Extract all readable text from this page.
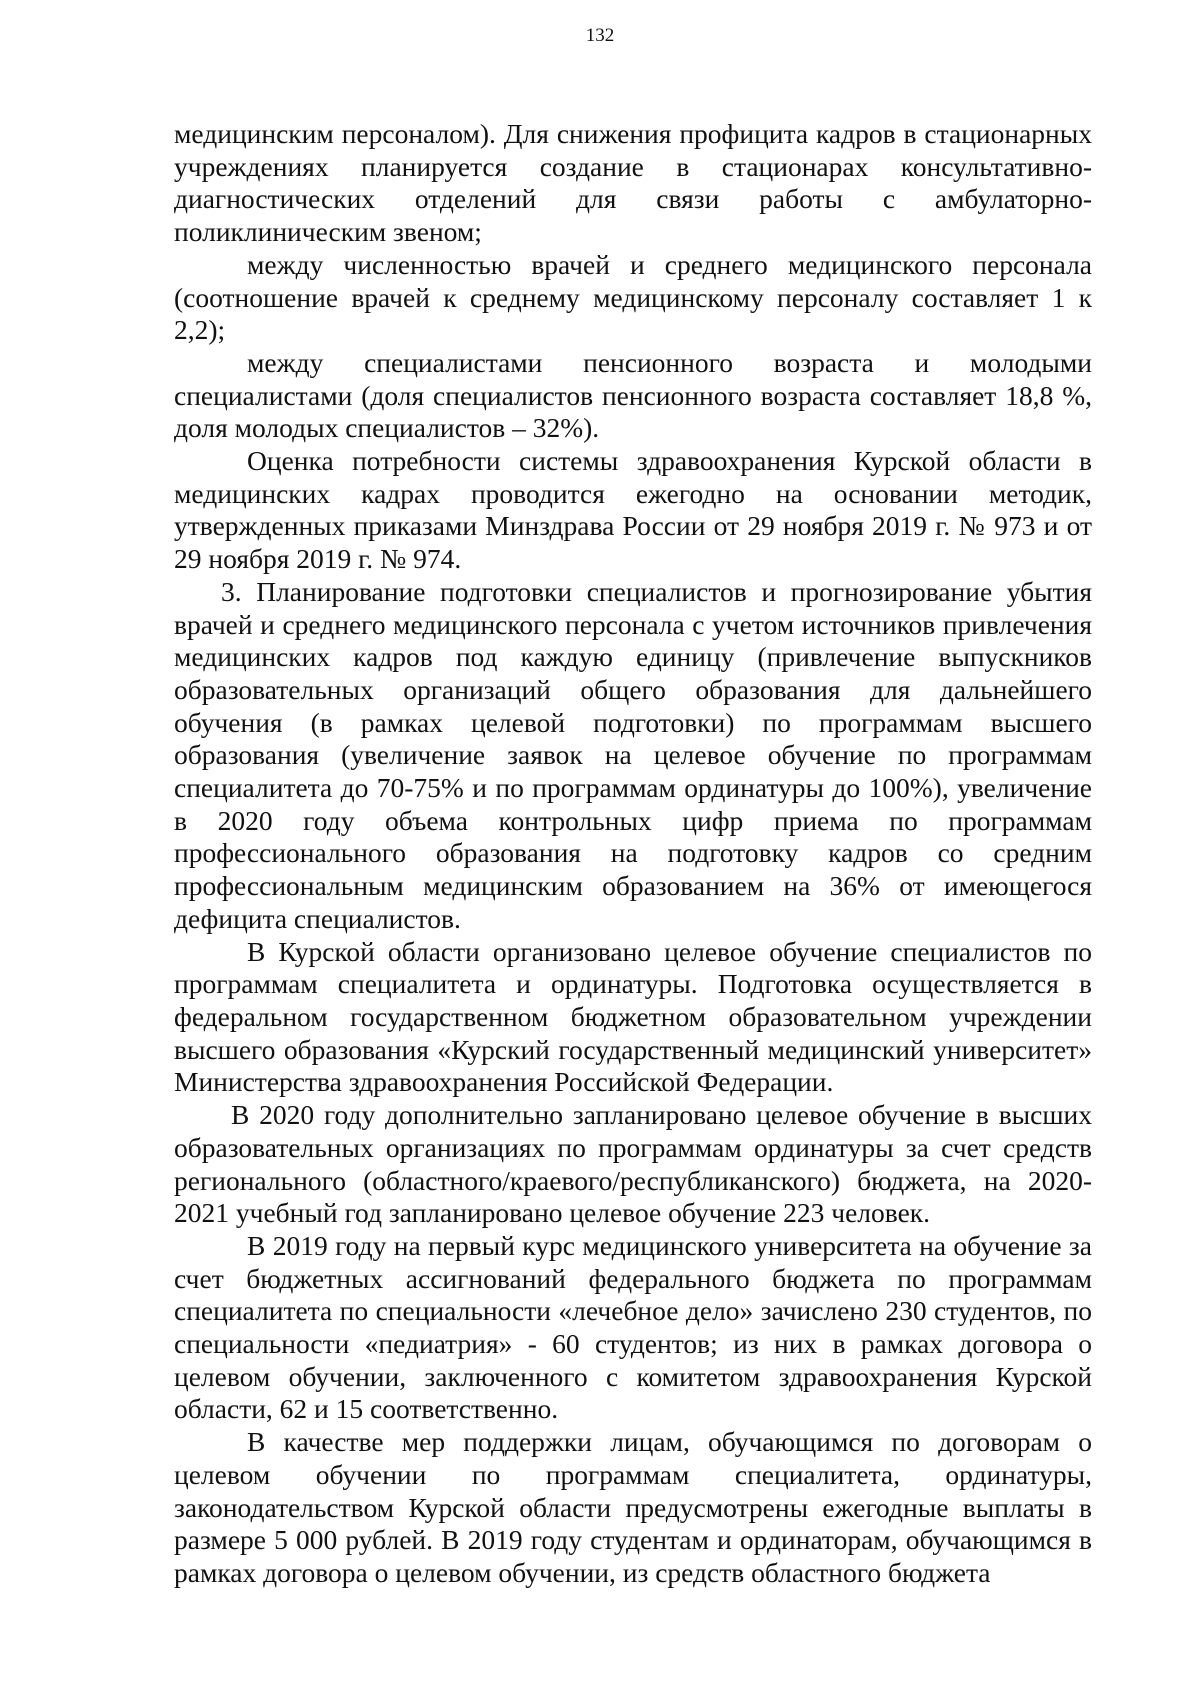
132

медицинским персоналом). Для снижения профицита кадров в стационарных учреждениях планируется создание в стационарах консультативно-диагностических отделений для связи работы с амбулаторно-поликлиническим звеном;

между численностью врачей и среднего медицинского персонала (соотношение врачей к среднему медицинскому персоналу составляет 1 к 2,2);

между специалистами пенсионного возраста и молодыми специалистами (доля специалистов пенсионного возраста составляет 18,8 %, доля молодых специалистов – 32%).

Оценка потребности системы здравоохранения Курской области в медицинских кадрах проводится ежегодно на основании методик, утвержденных приказами Минздрава России от 29 ноября 2019 г. № 973 и от 29 ноября 2019 г. № 974.

3. Планирование подготовки специалистов и прогнозирование убытия врачей и среднего медицинского персонала с учетом источников привлечения медицинских кадров под каждую единицу (привлечение выпускников образовательных организаций общего образования для дальнейшего обучения (в рамках целевой подготовки) по программам высшего образования (увеличение заявок на целевое обучение по программам специалитета до 70-75% и по программам ординатуры до 100%), увеличение в 2020 году объема контрольных цифр приема по программам профессионального образования на подготовку кадров со средним профессиональным медицинским образованием на 36% от имеющегося дефицита специалистов.

В Курской области организовано целевое обучение специалистов по программам специалитета и ординатуры. Подготовка осуществляется в федеральном государственном бюджетном образовательном учреждении высшего образования «Курский государственный медицинский университет» Министерства здравоохранения Российской Федерации.

В 2020 году дополнительно запланировано целевое обучение в высших образовательных организациях по программам ординатуры за счет средств регионального (областного/краевого/республиканского) бюджета, на 2020-2021 учебный год запланировано целевое обучение 223 человек.

В 2019 году на первый курс медицинского университета на обучение за счет бюджетных ассигнований федерального бюджета по программам специалитета по специальности «лечебное дело» зачислено 230 студентов, по специальности «педиатрия» - 60 студентов; из них в рамках договора о целевом обучении, заключенного с комитетом здравоохранения Курской области, 62 и 15 соответственно.

В качестве мер поддержки лицам, обучающимся по договорам о целевом обучении по программам специалитета, ординатуры, законодательством Курской области предусмотрены ежегодные выплаты в размере 5 000 рублей. В 2019 году студентам и ординаторам, обучающимся в рамках договора о целевом обучении, из средств областного бюджета
